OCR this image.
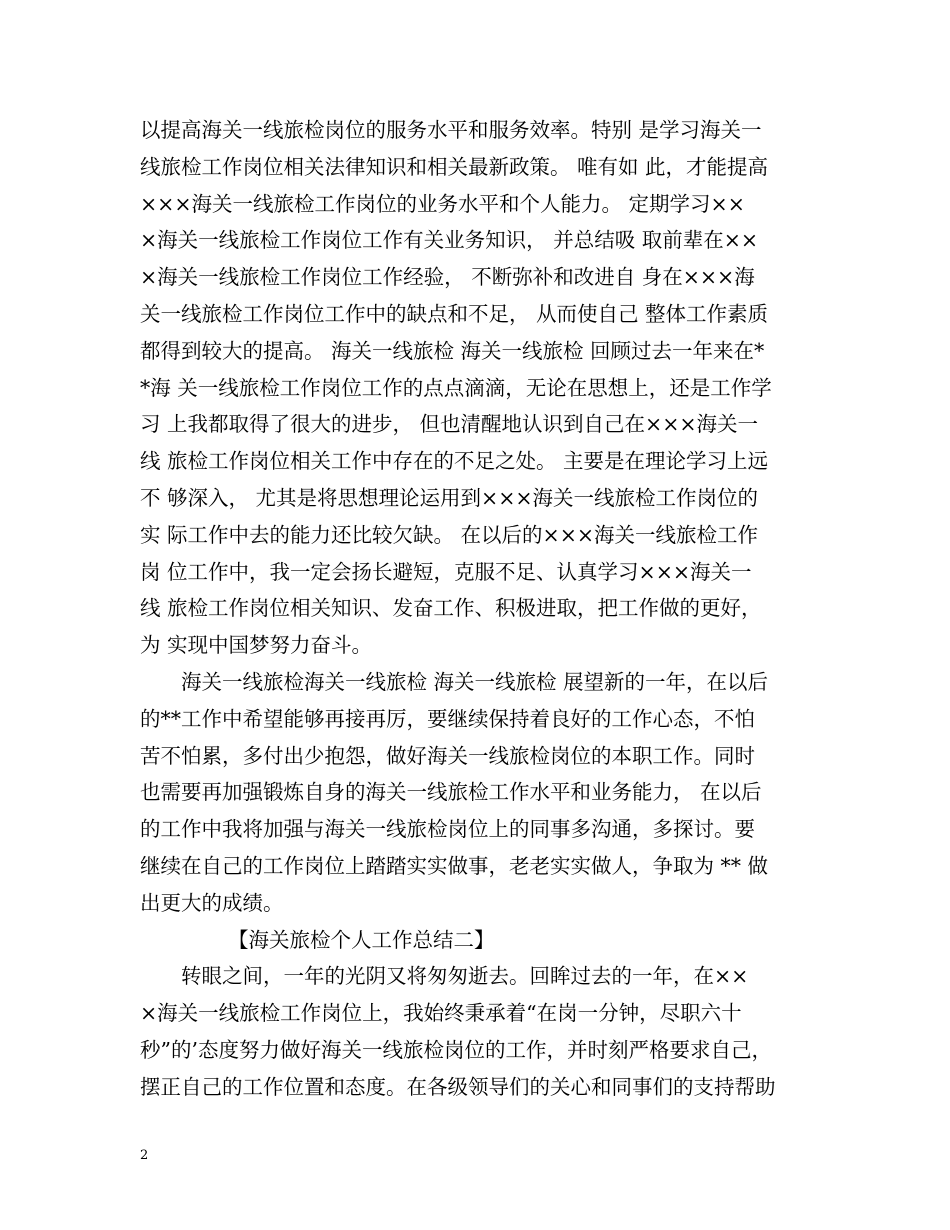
以提高海关一线旅检岗位的服务水平和服务效率。特别 是学习海关一
线旅检工作岗位相关法律知识和相关最新政策。 唯有如 此，才能提高
×××海关一线旅检工作岗位的业务水平和个人能力。 定期学习××
×海关一线旅检工作岗位工作有关业务知识， 并总结吸 取前辈在××
×海关一线旅检工作岗位工作经验， 不断弥补和改进自 身在×××海
关一线旅检工作岗位工作中的缺点和不足， 从而使自己 整体工作素质
都得到较大的提高。 海关一线旅检 海关一线旅检 回顾过去一年来在*
*海 关一线旅检工作岗位工作的点点滴滴，无论在思想上，还是工作学
习 上我都取得了很大的进步， 但也清醒地认识到自己在×××海关一
线 旅检工作岗位相关工作中存在的不足之处。 主要是在理论学习上远
不 够深入， 尤其是将思想理论运用到×××海关一线旅检工作岗位的
实 际工作中去的能力还比较欠缺。 在以后的×××海关一线旅检工作
岗 位工作中，我一定会扬长避短，克服不足、认真学习×××海关一
线 旅检工作岗位相关知识、发奋工作、积极进取，把工作做的更好，
为 实现中国梦努力奋斗。
海关一线旅检海关一线旅检 海关一线旅检 展望新的一年，在以后
的**工作中希望能够再接再厉，要继续保持着良好的工作心态，不怕
苦不怕累，多付出少抱怨，做好海关一线旅检岗位的本职工作。同时
也需要再加强锻炼自身的海关一线旅检工作水平和业务能力， 在以后
的工作中我将加强与海关一线旅检岗位上的同事多沟通，多探讨。要
继续在自己的工作岗位上踏踏实实做事，老老实实做人，争取为 ** 做
出更大的成绩。
【海关旅检个人工作总结二】
转眼之间，一年的光阴又将匆匆逝去。回眸过去的一年，在××
×海关一线旅检工作岗位上，我始终秉承着“在岗一分钟，尽职六十
秒”的’态度努力做好海关一线旅检岗位的工作，并时刻严格要求自己，
摆正自己的工作位置和态度。在各级领导们的关心和同事们的支持帮助
2
